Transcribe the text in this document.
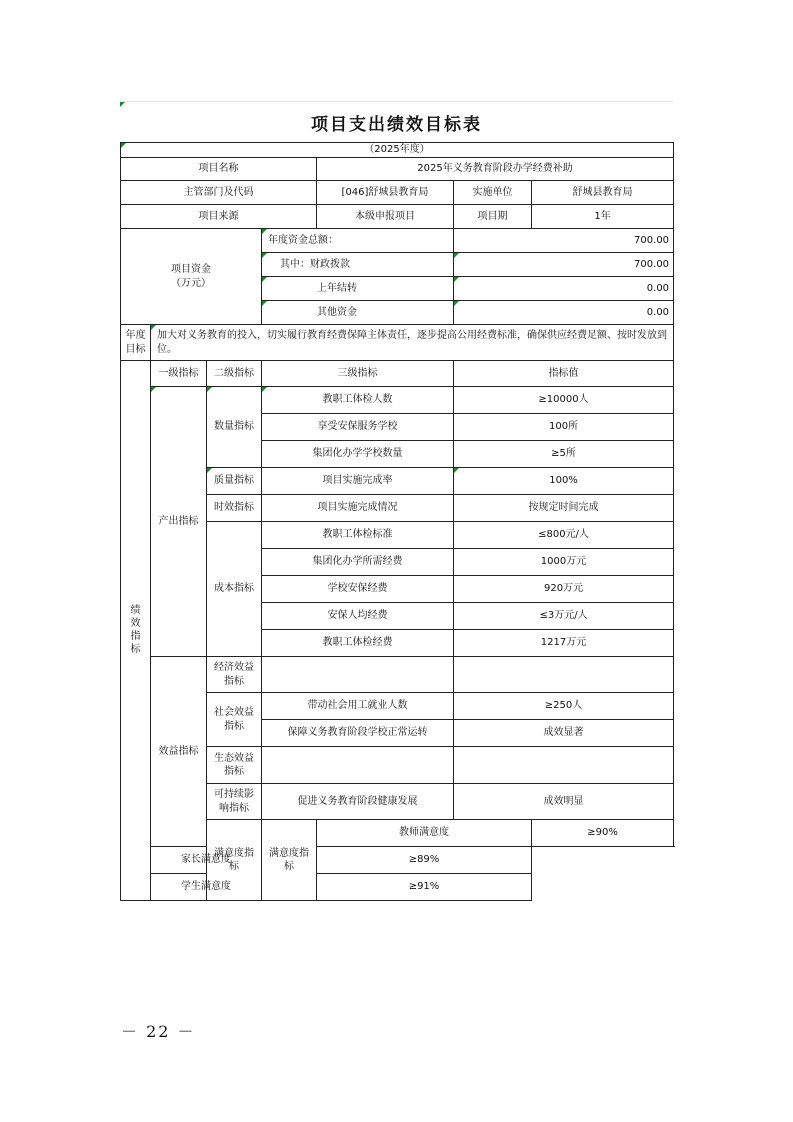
项目支出绩效目标表
（2025年度）						
项目名称				2025年义务教育阶段办学经费补助		
主管部门及代码				[046]舒城县教育局	实施单位	舒城县教育局
项目来源				本级申报项目	项目期	1年
项目资金
（万元）			年度资金总额：		700.00	
			其中：财政拨款		700.00	
			上年结转		0.00	
			其他资金		0.00	
年度目标	加大对义务教育的投入，切实履行教育经费保障主体责任，逐步提高公用经费标准，确保供应经费足额、按时发放到位。					
绩效指标	一级指标	二级指标	三级指标		指标值	
	产出指标	数量指标	教职工体检人数		≥10000人	
			享受安保服务学校		100所	
			集团化办学学校数量		≥5所	
		质量指标	项目实施完成率		100%	
		时效指标	项目实施完成情况		按规定时间完成	
		成本指标	教职工体检标准		≤800元/人	
			集团化办学所需经费		1000万元	
			学校安保经费		920万元	
			安保人均经费		≤3万元/人	
			教职工体检经费		1217万元	
	效益指标	经济效益指标				
		社会效益指标	带动社会用工就业人数		≥250人	
			保障义务教育阶段学校正常运转		成效显著	
		生态效益指标				
		可持续影响指标	促进义务教育阶段健康发展		成效明显	
		满意度指标	满意度指标	教师满意度		≥90%
	家长满意度			≥89%		
	学生满意度			≥91%		
－ 22 －
